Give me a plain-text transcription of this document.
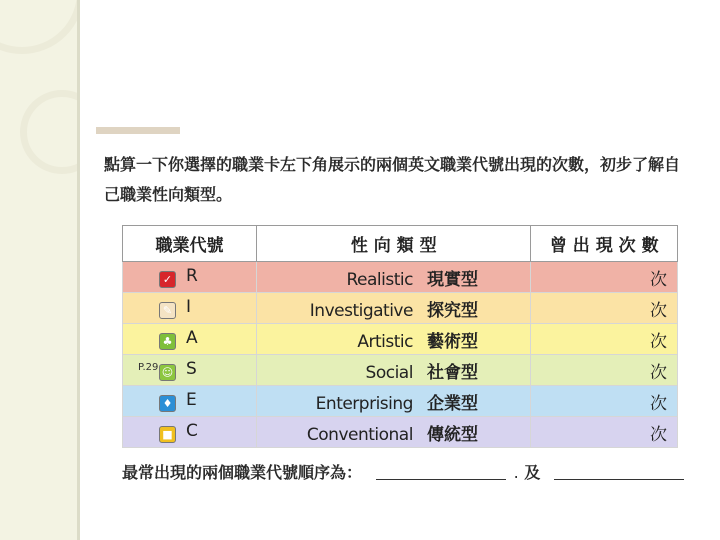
點算一下你選擇的職業卡左下角展示的兩個英文職業代號出現的次數，初步了解自己職業性向類型。
職業代號	性 向 類 型	曾 出 現 次 數
✓ R	Realistic 現實型	次
✎ I	Investigative 探究型	次
♣ A	Artistic 藝術型	次
☺ S	Social 社會型	次
♦ E	Enterprising 企業型	次
■ C	Conventional 傳統型	次
P.29
最常出現的兩個職業代號順序為：	. 及
